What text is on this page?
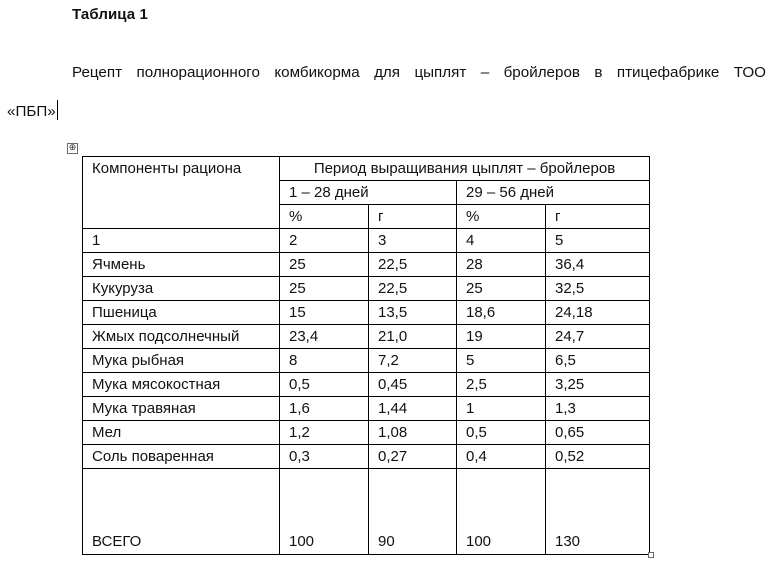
Таблица 1
Рецепт полнорационного комбикорма для цыплят – бройлеров в птицефабрике ТОО
«ПБП»
⊕
Компоненты рациона	Период выращивания цыплят – бройлеров			
	1 – 28 дней		29 – 56 дней	
	%	г	%	г
1	2	3	4	5
Ячмень	25	22,5	28	36,4
Кукуруза	25	22,5	25	32,5
Пшеница	15	13,5	18,6	24,18
Жмых подсолнечный	23,4	21,0	19	24,7
Мука рыбная	8	7,2	5	6,5
Мука мясокостная	0,5	0,45	2,5	3,25
Мука травяная	1,6	1,44	1	1,3
Мел	1,2	1,08	0,5	0,65
Соль поваренная	0,3	0,27	0,4	0,52
ВСЕГО	100	90	100	130
